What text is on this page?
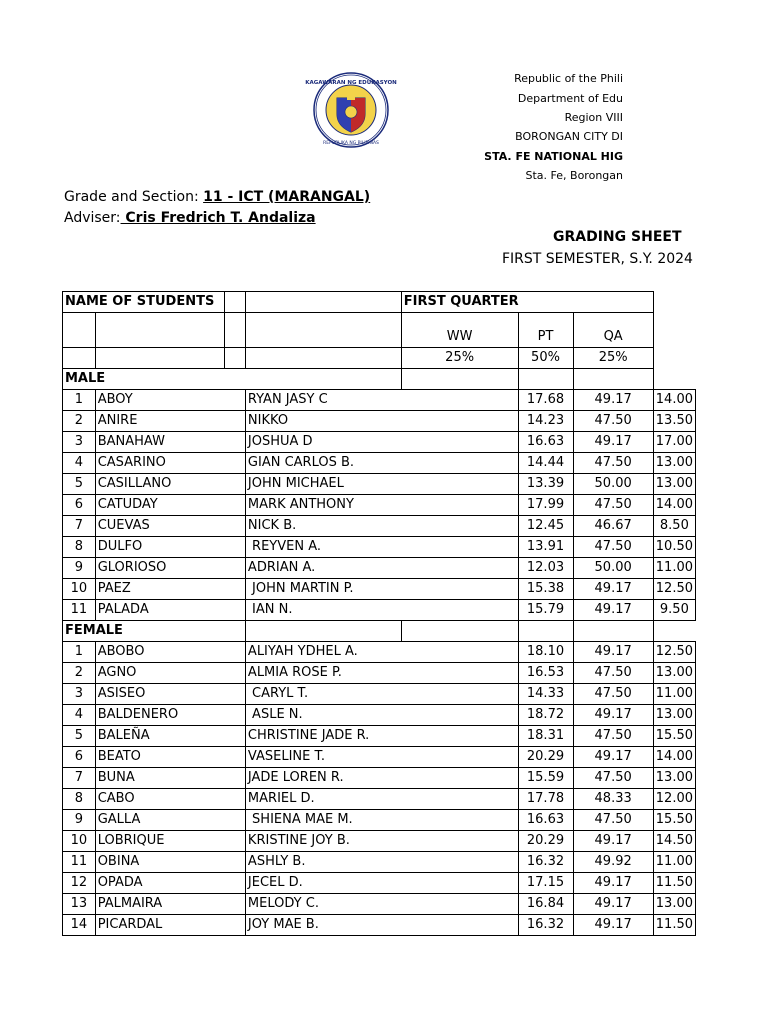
KAGAWARAN NG EDUKASYON
REPUBLIKA NG PILIPINAS
Republic of the Phili
Department of Edu
Region VIII
BORONGAN CITY DI
STA. FE NATIONAL HIG
Sta. Fe, Borongan
Grade and Section: 11 - ICT (MARANGAL)
Adviser: Cris Fredrich T. Andaliza
GRADING SHEET
FIRST SEMESTER, S.Y. 2024
NAME OF STUDENTS				FIRST QUARTER			
				WW	PT	QA	
				25%	50%	25%	
MALE							
1	ABOY		RYAN JASY C		17.68	49.17	14.00
2	ANIRE		NIKKO		14.23	47.50	13.50
3	BANAHAW		JOSHUA D		16.63	49.17	17.00
4	CASARINO		GIAN CARLOS B.		14.44	47.50	13.00
5	CASILLANO		JOHN MICHAEL		13.39	50.00	13.00
6	CATUDAY		MARK ANTHONY		17.99	47.50	14.00
7	CUEVAS		NICK B.		12.45	46.67	8.50
8	DULFO		REYVEN A.		13.91	47.50	10.50
9	GLORIOSO		ADRIAN A.		12.03	50.00	11.00
10	PAEZ		JOHN MARTIN P.		15.38	49.17	12.50
11	PALADA		IAN N.		15.79	49.17	9.50
FEMALE							
1	ABOBO		ALIYAH YDHEL A.		18.10	49.17	12.50
2	AGNO		ALMIA ROSE P.		16.53	47.50	13.00
3	ASISEO		CARYL T.		14.33	47.50	11.00
4	BALDENERO		ASLE N.		18.72	49.17	13.00
5	BALEÑA		CHRISTINE JADE R.		18.31	47.50	15.50
6	BEATO		VASELINE T.		20.29	49.17	14.00
7	BUNA		JADE LOREN R.		15.59	47.50	13.00
8	CABO		MARIEL D.		17.78	48.33	12.00
9	GALLA		SHIENA MAE M.		16.63	47.50	15.50
10	LOBRIQUE		KRISTINE JOY B.		20.29	49.17	14.50
11	OBINA		ASHLY B.		16.32	49.92	11.00
12	OPADA		JECEL D.		17.15	49.17	11.50
13	PALMAIRA		MELODY C.		16.84	49.17	13.00
14	PICARDAL		JOY MAE B.		16.32	49.17	11.50
